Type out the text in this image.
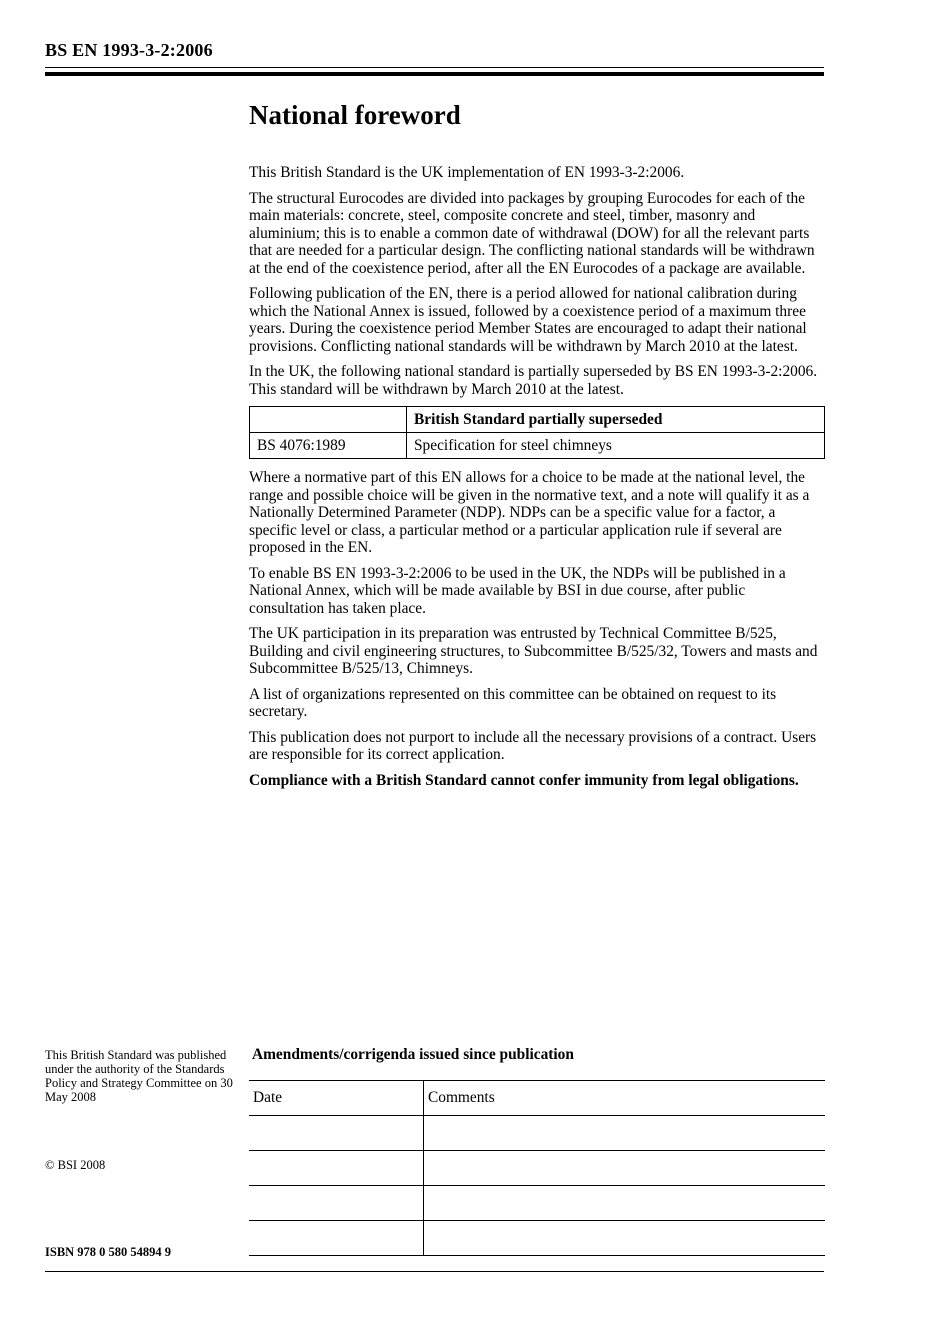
BS EN 1993-3-2:2006
National foreword

This British Standard is the UK implementation of EN 1993-3-2:2006.

The structural Eurocodes are divided into packages by grouping Eurocodes for each of the main materials: concrete, steel, composite concrete and steel, timber, masonry and aluminium; this is to enable a common date of withdrawal (DOW) for all the relevant parts that are needed for a particular design. The conflicting national standards will be withdrawn at the end of the coexistence period, after all the EN Eurocodes of a package are available.

Following publication of the EN, there is a period allowed for national calibration during which the National Annex is issued, followed by a coexistence period of a maximum three years. During the coexistence period Member States are encouraged to adapt their national provisions. Conflicting national standards will be withdrawn by March 2010 at the latest.

In the UK, the following national standard is partially superseded by BS EN 1993-3-2:2006. This standard will be withdrawn by March 2010 at the latest.

	British Standard partially superseded
BS 4076:1989	Specification for steel chimneys

Where a normative part of this EN allows for a choice to be made at the national level, the range and possible choice will be given in the normative text, and a note will qualify it as a Nationally Determined Parameter (NDP). NDPs can be a specific value for a factor, a specific level or class, a particular method or a particular application rule if several are proposed in the EN.

To enable BS EN 1993-3-2:2006 to be used in the UK, the NDPs will be published in a National Annex, which will be made available by BSI in due course, after public consultation has taken place.

The UK participation in its preparation was entrusted by Technical Committee B/525, Building and civil engineering structures, to Subcommittee B/525/32, Towers and masts and Subcommittee B/525/13, Chimneys.

A list of organizations represented on this committee can be obtained on request to its secretary.

This publication does not purport to include all the necessary provisions of a contract. Users are responsible for its correct application.

Compliance with a British Standard cannot confer immunity from legal obligations.

This British Standard was published under the authority of the Standards Policy and Strategy Committee on 30 May 2008
© BSI 2008
ISBN 978 0 580 54894 9
Amendments/corrigenda issued since publication
Date	Comments
